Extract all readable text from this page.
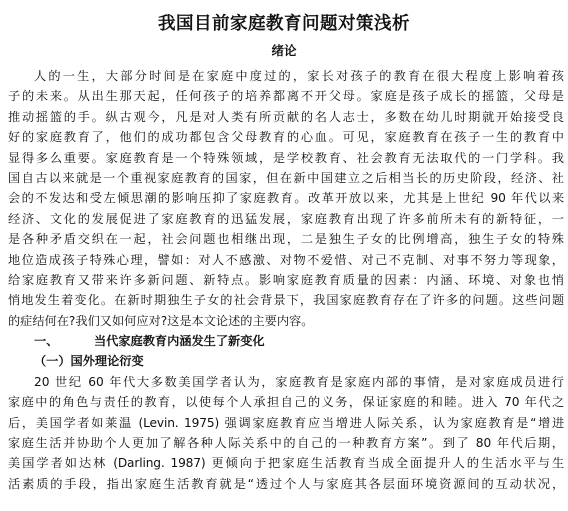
我国目前家庭教育问题对策浅析
绪论
人的一生，大部分时间是在家庭中度过的，家长对孩子的教育在很大程度上影响着孩
子的未来。从出生那天起，任何孩子的培养都离不开父母。家庭是孩子成长的摇篮，父母是
推动摇篮的手。纵古观今，凡是对人类有所贡献的名人志士，多数在幼儿时期就开始接受良
好的家庭教育了，他们的成功都包含父母教育的心血。可见，家庭教育在孩子一生的教育中
显得多么重要。家庭教育是一个特殊领域，是学校教育、社会教育无法取代的一门学科。我
国自古以来就是一个重视家庭教育的国家，但在新中国建立之后相当长的历史阶段，经济、社
会的不发达和受左倾思潮的影响压抑了家庭教育。改革开放以来，尤其是上世纪 90 年代以来
经济、文化的发展促进了家庭教育的迅猛发展，家庭教育出现了许多前所未有的新特征，一
是各种矛盾交织在一起，社会问题也相继出现，二是独生子女的比例增高，独生子女的特殊
地位造成孩子特殊心理，譬如：对人不感激、对物不爱惜、对己不克制、对事不努力等现象，
给家庭教育又带来许多新问题、新特点。影响家庭教育质量的因素：内涵、环境、对象也悄
悄地发生着变化。在新时期独生子女的社会背景下，我国家庭教育存在了许多的问题。这些问题
的症结何在?我们又如何应对?这是本文论述的主要内容。
一、	当代家庭教育内涵发生了新变化
（一）国外理论衍变
20 世纪 60 年代大多数美国学者认为，家庭教育是家庭内部的事情，是对家庭成员进行
家庭中的角色与责任的教育，以使每个人承担自己的义务，保证家庭的和睦。进入 70 年代之
后，美国学者如莱温 (Levin. 1975) 强调家庭教育应当增进人际关系，认为家庭教育是“增进
家庭生活并协助个人更加了解各种人际关系中的自己的一种教育方案”。到了 80 年代后期，
美国学者如达林 (Darling. 1987) 更倾向于把家庭生活教育当成全面提升人的生活水平与生
活素质的手段，指出家庭生活教育就是“透过个人与家庭其各层面环境资源间的互动状况，
